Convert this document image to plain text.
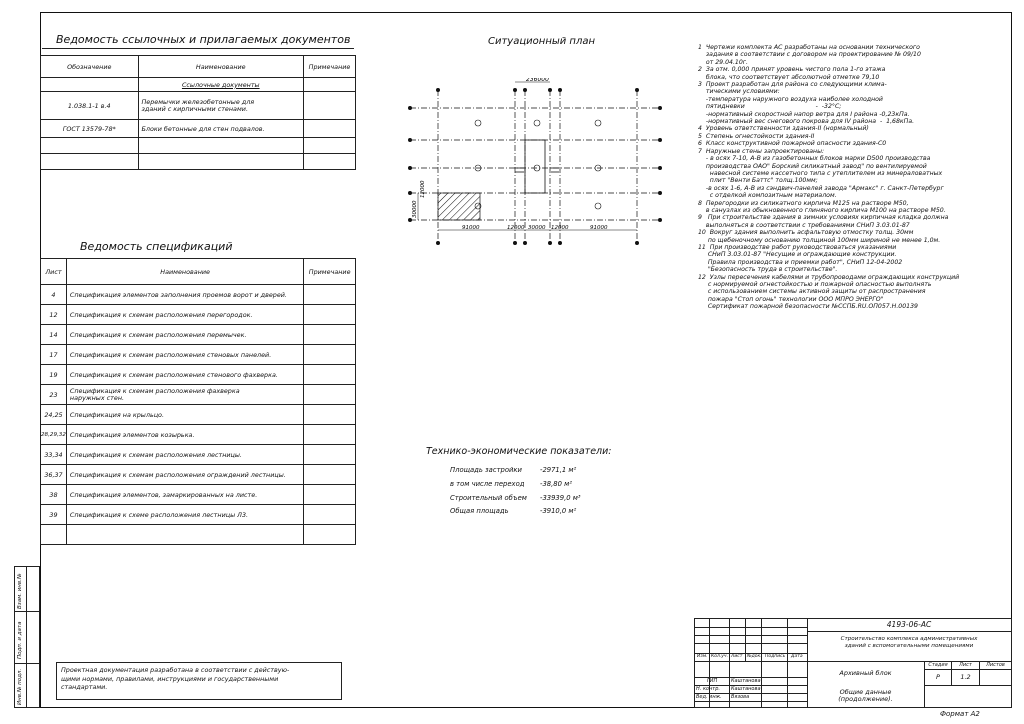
Ведомость ссылочных и прилагаемых документов
Обозначение	Наименование	Примечание
	Ссылочные документы	
1.038.1-1 в.4	Перемычки железобетонные для
зданий с кирпичными стенами.	
ГОСТ 13579-78*	Блоки бетонные для стен подвалов.	

Ведомость спецификаций
Лист	Наименование	Примечание
4	Спецификация элементов заполнения проемов ворот и дверей.	
12	Спецификация к схемам расположения перегородок.	
14	Спецификация к схемам расположения перемычек.	
17	Спецификация к схемам расположения стеновых панелей.	
19	Спецификация к схемам расположения стенового фахверка.	
23	Спецификация к схемам расположения фахверка
наружных стен.	
24,25	Спецификация на крыльцо.	
28,29,32	Спецификация элементов козырька.	
33,34	Спецификация к схемам расположения лестницы.	
36,37	Спецификация к схемам расположения ограждений лестницы.	
38	Спецификация элементов, замаркированных на листе.	
39	Спецификация к схеме расположения лестницы Л3.	

Ситуационный план
236000
91000	12000 30000 12000	91000
30000
12000
1  Чертежи комплекта АС разработаны на основании технического
задания в соответствии с договором на проектирование № 09/10
от 29.04.10г.
2  За отм. 0,000 принят уровень чистого пола 1-го этажа
блока, что соответствует абсолютной отметке 79,10
3  Проект разработан для района со следующими клима-
тическими условиями:
-температура наружного воздуха наиболее холодной
пятидневки                                    -  -32°С;
-нормативный скоростной напор ветра для I района -0,23кПа.
-нормативный вес снегового покрова для IV района  -  1,68кПа.
4  Уровень ответственности здания-II (нормальный)
5  Степень огнестойкости здания-II
6  Класс конструктивной пожарной опасности здания-С0
7  Наружные стены запроектированы:
- в осях 7-10, А-В из газобетонных блоков марки D500 производства
производства ОАО" Борский силикатный завод" по вентилируемой
навесной системе кассетного типа с утеплителем из минераловатных
плит "Венти Баттс" толщ.100мм;
-в осях 1-6, А-В из сэндвич-панелей завода "Армакс" г. Санкт-Петербург
с отделкой композитным материалом.
8  Перегородки из силикатного кирпича М125 на растворе М50,
в санузлах из обыкновенного глиняного кирпича М100 на растворе М50.
9   При строительстве здания в зимних условиях кирпичная кладка должна
выполняться в соответствии с требованиями СНиП 3.03.01-87
10  Вокруг здания выполнить асфальтовую отмостку толщ. 30мм
по щебеночному основанию толщиной 100мм шириной не менее 1,0м.
11  При производстве работ руководствоваться указаниями
СНиП 3.03.01-87 "Несущие и ограждающие конструкции.
Правила производства и приемки работ", СНиП 12-04-2002
"Безопасность труда в строительстве".
12  Узлы пересечения кабелями и трубопроводами ограждающих конструкций
с нормируемой огнестойкостью и пожарной опасностью выполнять
с использованием системы активной защиты от распространения
пожара "Стоп огонь" технологии ООО МПРО ЭНЕРГО"
Сертификат пожарной безопасности №ССПБ.RU.ОП057.Н.00139
Технико-экономические показатели:
Площадь застройки	-2971,1 м²
в том числе переход -38,80 м²
Строительный объем -33939,0 м³
Общая площадь	-3910,0 м²
Проектная документация разработана в соответствии с действую-
щими нормами, правилами, инструкциями и государственными
стандартами.
Взам. инв.№
Подп. и дата
Инв.№ подл.
Изм. Кол.уч. Лист №док. Подпись Дата
ГИП	Каштанова
Н. контр. Каштанова
Вед. инж. Вязова
4193-06-АС
Строительство комплекса административных
зданий с вспомогательными помещениями
Архивный блок
Общие данные
(продолжение).
Стадия	Лист	Листов
Р	1.2
Формат А2
